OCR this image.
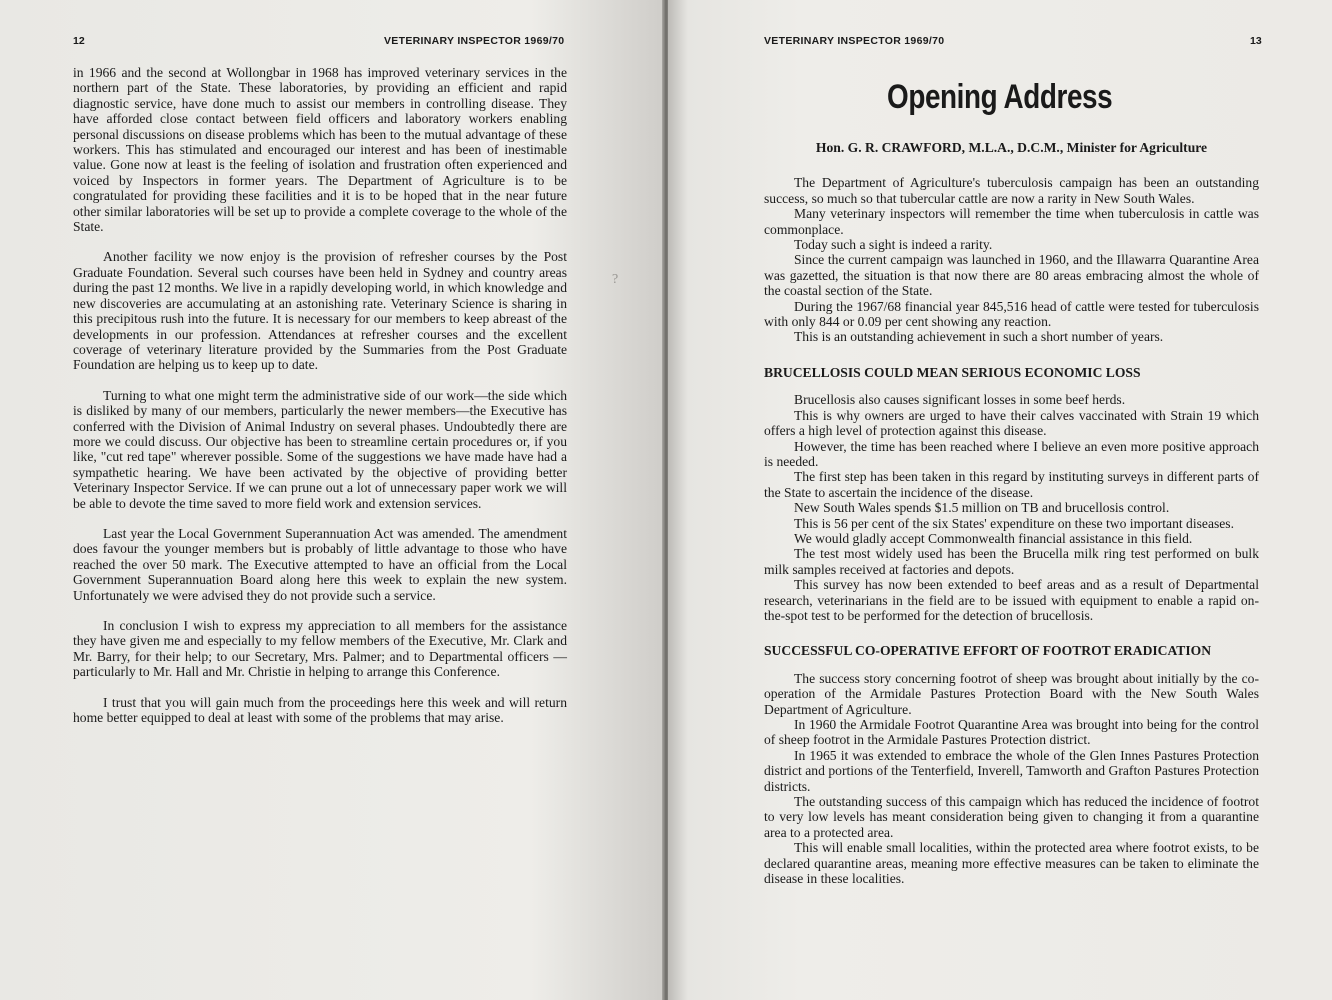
12	VETERINARY INSPECTOR 1969/70

in 1966 and the second at Wollongbar in 1968 has improved veterinary services in the northern part of the State. These laboratories, by providing an efficient and rapid diagnostic service, have done much to assist our members in controlling disease. They have afforded close contact between field officers and laboratory workers enabling personal discussions on disease problems which has been to the mutual advantage of these workers. This has stimulated and encouraged our interest and has been of inestimable value. Gone now at least is the feeling of isolation and frustration often experienced and voiced by Inspectors in former years. The Department of Agriculture is to be congratulated for providing these facilities and it is to be hoped that in the near future other similar laboratories will be set up to provide a complete coverage to the whole of the State.

Another facility we now enjoy is the provision of refresher courses by the Post Graduate Foundation. Several such courses have been held in Sydney and country areas during the past 12 months. We live in a rapidly developing world, in which knowledge and new discoveries are accumulating at an astonishing rate. Veterinary Science is sharing in this precipitous rush into the future. It is necessary for our members to keep abreast of the developments in our profession. Attendances at refresher courses and the excellent coverage of veterinary literature provided by the Summaries from the Post Graduate Foundation are helping us to keep up to date.

Turning to what one might term the administrative side of our work—the side which is disliked by many of our members, particularly the newer members—the Executive has conferred with the Division of Animal Industry on several phases. Undoubtedly there are more we could discuss. Our objective has been to streamline certain procedures or, if you like, "cut red tape" wherever possible. Some of the suggestions we have made have had a sympathetic hearing. We have been activated by the objective of providing better Veterinary Inspector Service. If we can prune out a lot of unnecessary paper work we will be able to devote the time saved to more field work and extension services.

Last year the Local Government Superannuation Act was amended. The amendment does favour the younger members but is probably of little advantage to those who have reached the over 50 mark. The Executive attempted to have an official from the Local Government Superannuation Board along here this week to explain the new system. Unfortunately we were advised they do not provide such a service.

In conclusion I wish to express my appreciation to all members for the assistance they have given me and especially to my fellow members of the Executive, Mr. Clark and Mr. Barry, for their help; to our Secretary, Mrs. Palmer; and to Departmental officers — particularly to Mr. Hall and Mr. Christie in helping to arrange this Conference.

I trust that you will gain much from the proceedings here this week and will return home better equipped to deal at least with some of the problems that may arise.

?
VETERINARY INSPECTOR 1969/70	13
Opening Address
Hon. G. R. CRAWFORD, M.L.A., D.C.M., Minister for Agriculture

The Department of Agriculture's tuberculosis campaign has been an outstanding success, so much so that tubercular cattle are now a rarity in New South Wales.

Many veterinary inspectors will remember the time when tuberculosis in cattle was commonplace.

Today such a sight is indeed a rarity.

Since the current campaign was launched in 1960, and the Illawarra Quarantine Area was gazetted, the situation is that now there are 80 areas embracing almost the whole of the coastal section of the State.

During the 1967/68 financial year 845,516 head of cattle were tested for tuberculosis with only 844 or 0.09 per cent showing any reaction.

This is an outstanding achievement in such a short number of years.

BRUCELLOSIS COULD MEAN SERIOUS ECONOMIC LOSS

Brucellosis also causes significant losses in some beef herds.

This is why owners are urged to have their calves vaccinated with Strain 19 which offers a high level of protection against this disease.

However, the time has been reached where I believe an even more positive approach is needed.

The first step has been taken in this regard by instituting surveys in different parts of the State to ascertain the incidence of the disease.

New South Wales spends $1.5 million on TB and brucellosis control.

This is 56 per cent of the six States' expenditure on these two important diseases.

We would gladly accept Commonwealth financial assistance in this field.

The test most widely used has been the Brucella milk ring test performed on bulk milk samples received at factories and depots.

This survey has now been extended to beef areas and as a result of Departmental research, veterinarians in the field are to be issued with equipment to enable a rapid on-the-spot test to be performed for the detection of brucellosis.

SUCCESSFUL CO-OPERATIVE EFFORT OF FOOTROT ERADICATION

The success story concerning footrot of sheep was brought about initially by the co-operation of the Armidale Pastures Protection Board with the New South Wales Department of Agriculture.

In 1960 the Armidale Footrot Quarantine Area was brought into being for the control of sheep footrot in the Armidale Pastures Protection district.

In 1965 it was extended to embrace the whole of the Glen Innes Pastures Protection district and portions of the Tenterfield, Inverell, Tamworth and Grafton Pastures Protection districts.

The outstanding success of this campaign which has reduced the incidence of footrot to very low levels has meant consideration being given to changing it from a quarantine area to a protected area.

This will enable small localities, within the protected area where footrot exists, to be declared quarantine areas, meaning more effective measures can be taken to eliminate the disease in these localities.
